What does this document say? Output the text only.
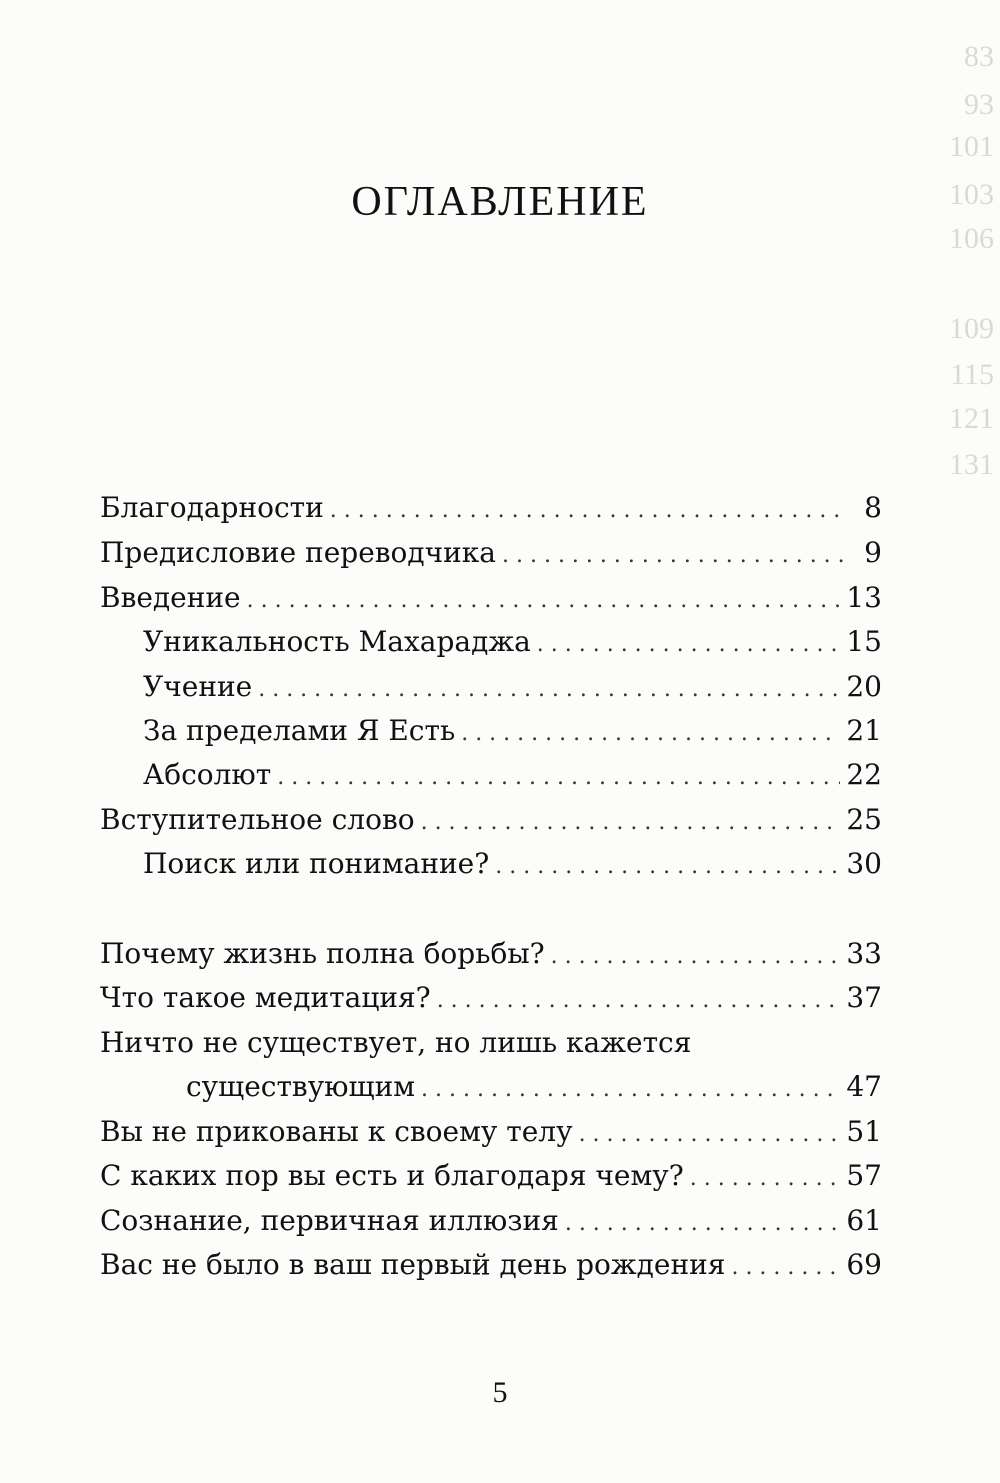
83
93
101
103
106
109
115
121
131
ОГЛАВЛЕНИЕ
Благодарности . . .	8
Предисловие переводчика . . .	9
Введение . . .	13
Уникальность Махараджа . . .	15
Учение . . .	20
За пределами Я Есть . . .	21
Абсолют . . .	22
Вступительное слово . . .	25
Поиск или понимание? . . .	30
Почему жизнь полна борьбы? . . .	33
Что такое медитация? . . .	37
Ничто не существует, но лишь кажется
существующим . . .	47
Вы не прикованы к своему телу . . .	51
С каких пор вы есть и благодаря чему? . . .	57
Сознание, первичная иллюзия . . .	61
Вас не было в ваш первый день рождения . . .	69
5
